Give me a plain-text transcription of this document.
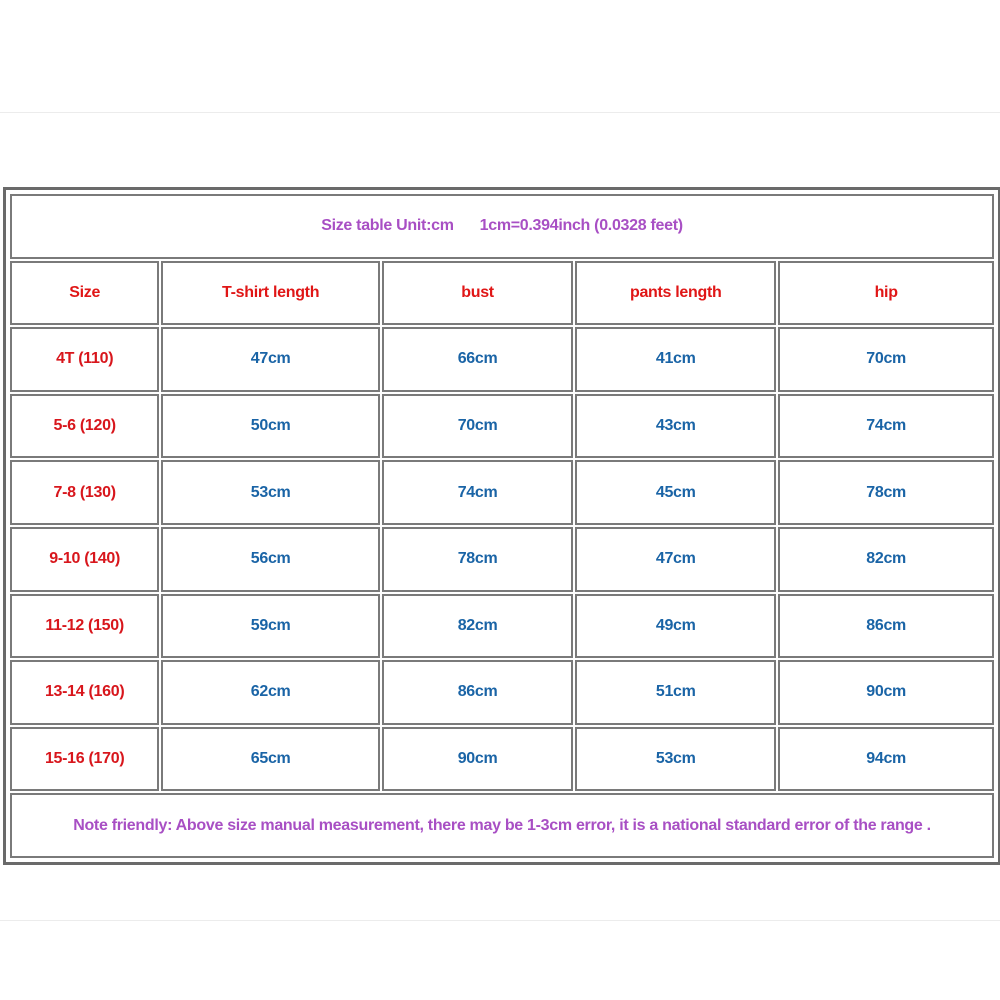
Size table Unit:cm 1cm=0.394inch (0.0328 feet)				
Size	T-shirt length	bust	pants length	hip
4T (110)	47cm	66cm	41cm	70cm
5-6 (120)	50cm	70cm	43cm	74cm
7-8 (130)	53cm	74cm	45cm	78cm
9-10 (140)	56cm	78cm	47cm	82cm
11-12 (150)	59cm	82cm	49cm	86cm
13-14 (160)	62cm	86cm	51cm	90cm
15-16 (170)	65cm	90cm	53cm	94cm
Note friendly: Above size manual measurement, there may be 1-3cm error, it is a national standard error of the range .				
